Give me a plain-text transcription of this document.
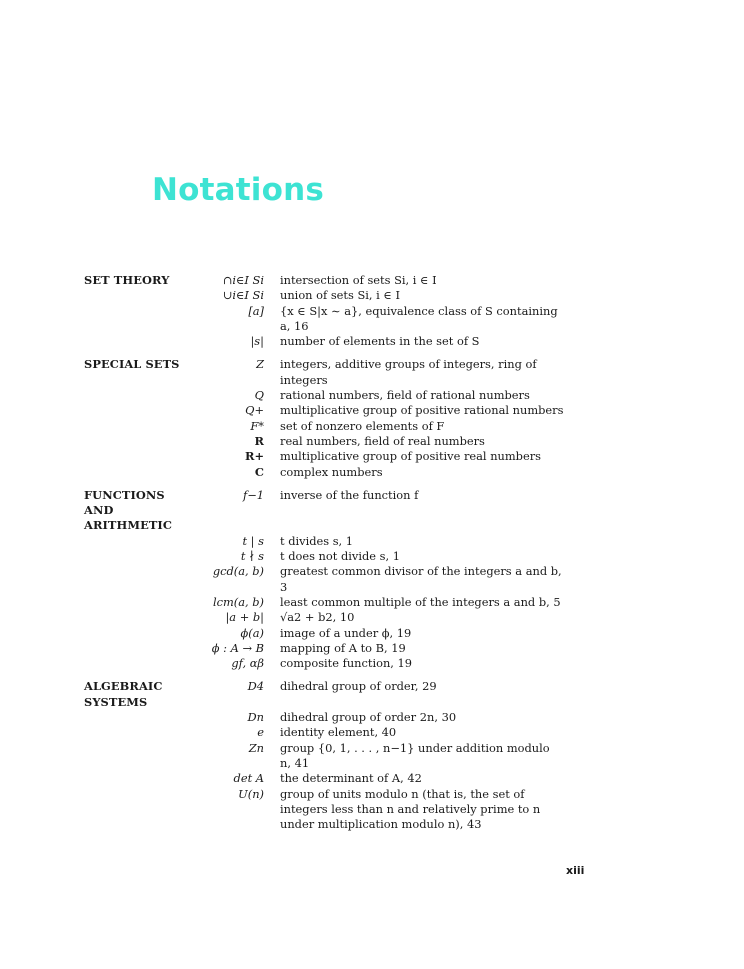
Notations
SET THEORY	∩i∈I Si intersection of sets Si, i ∈ I
∪i∈I Si union of sets Si, i ∈ I
[a] {x ∈ S|x ∼ a}, equivalence class of S containing a, 16
|s| number of elements in the set of S
SPECIAL SETS	Z integers, additive groups of integers, ring of integers
Q rational numbers, field of rational numbers
Q+ multiplicative group of positive rational numbers
F* set of nonzero elements of F
R real numbers, field of real numbers
R+ multiplicative group of positive real numbers
C complex numbers
FUNCTIONS
AND
ARITHMETIC
f−1 inverse of the function f
t | s t divides s, 1
t ∤ s t does not divide s, 1
gcd(a, b) greatest common divisor of the integers a and b, 3
lcm(a, b) least common multiple of the integers a and b, 5
|a + b| √a2 + b2, 10
ϕ(a) image of a under ϕ, 19
ϕ : A → B mapping of A to B, 19
gf, αβ composite function, 19
ALGEBRAIC
SYSTEMS
D4 dihedral group of order, 29
Dn dihedral group of order 2n, 30
e identity element, 40
Zn group {0, 1, . . . , n−1} under addition modulo n, 41
det A the determinant of A, 42
U(n) group of units modulo n (that is, the set of integers less than n and relatively prime to n under multiplication modulo n), 43
xiii
